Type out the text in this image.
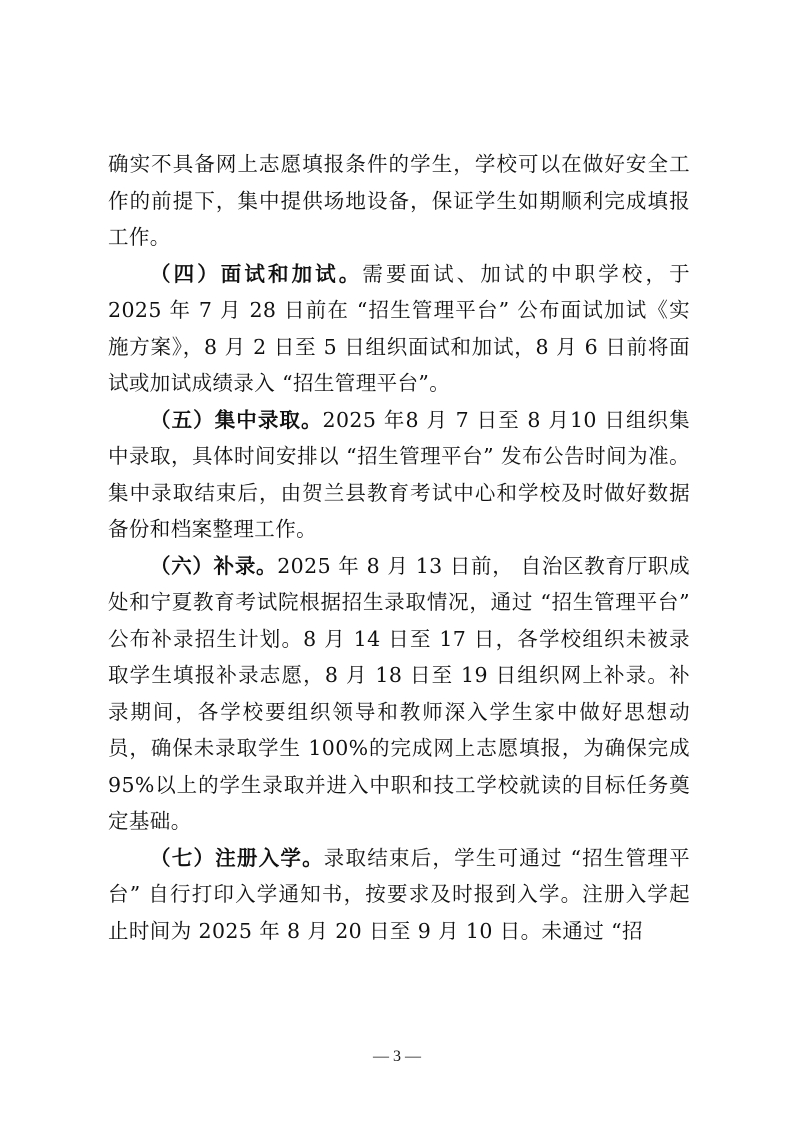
确实不具备网上志愿填报条件的学生，学校可以在做好安全工作的前提下，集中提供场地设备，保证学生如期顺利完成填报工作。

（四）面试和加试。需要面试、加试的中职学校，于 2025 年 7 月 28 日前在 “招生管理平台” 公布面试加试《实施方案》，8 月 2 日至 5 日组织面试和加试，8 月 6 日前将面试或加试成绩录入 “招生管理平台”。

（五）集中录取。2025 年8 月 7 日至 8 月10 日组织集中录取，具体时间安排以 “招生管理平台” 发布公告时间为准。集中录取结束后，由贺兰县教育考试中心和学校及时做好数据备份和档案整理工作。

（六）补录。2025 年 8 月 13 日前， 自治区教育厅职成处和宁夏教育考试院根据招生录取情况，通过 “招生管理平台” 公布补录招生计划。8 月 14 日至 17 日，各学校组织未被录取学生填报补录志愿，8 月 18 日至 19 日组织网上补录。补录期间，各学校要组织领导和教师深入学生家中做好思想动员，确保未录取学生 100%的完成网上志愿填报，为确保完成 95%以上的学生录取并进入中职和技工学校就读的目标任务奠定基础。

（七）注册入学。录取结束后，学生可通过 “招生管理平台” 自行打印入学通知书，按要求及时报到入学。注册入学起止时间为 2025 年 8 月 20 日至 9 月 10 日。未通过 “招

— 3 —
